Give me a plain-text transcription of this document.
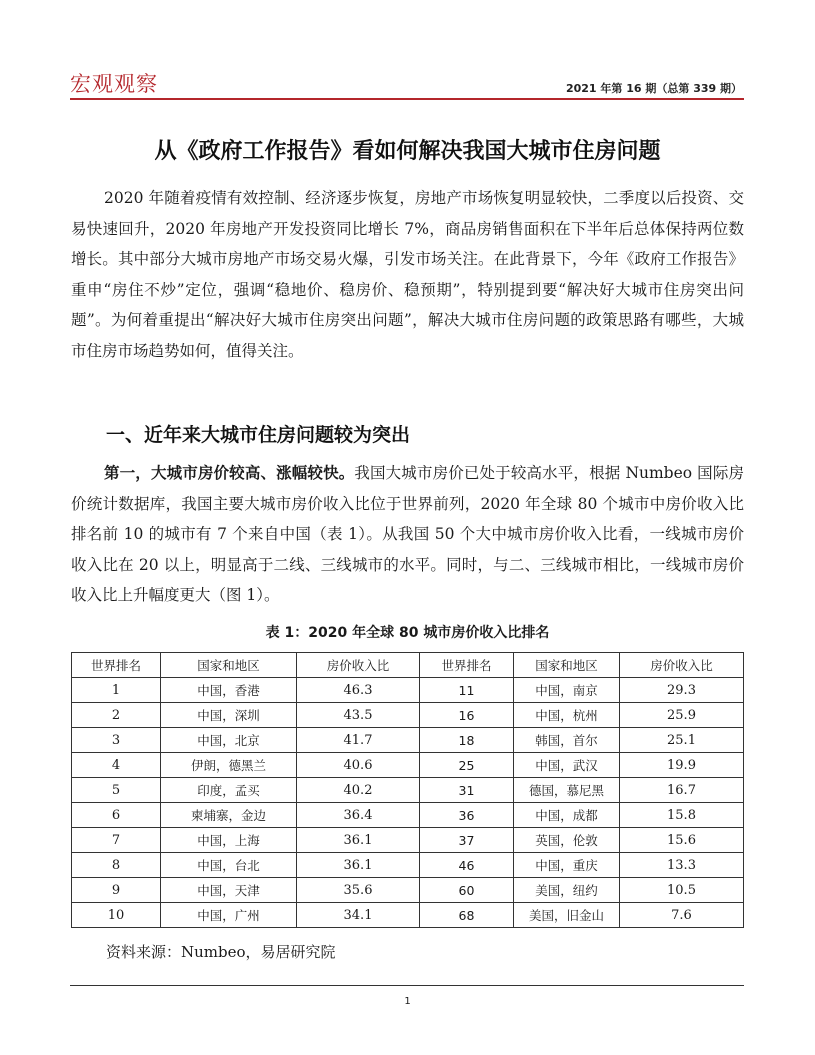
宏观观察	2021 年第 16 期（总第 339 期）
从《政府工作报告》看如何解决我国大城市住房问题

2020 年随着疫情有效控制、经济逐步恢复，房地产市场恢复明显较快，二季度以后投资、交易快速回升，2020 年房地产开发投资同比增长 7%，商品房销售面积在下半年后总体保持两位数增长。其中部分大城市房地产市场交易火爆，引发市场关注。在此背景下，今年《政府工作报告》重申“房住不炒”定位，强调“稳地价、稳房价、稳预期”，特别提到要“解决好大城市住房突出问题”。为何着重提出“解决好大城市住房突出问题”，解决大城市住房问题的政策思路有哪些，大城市住房市场趋势如何，值得关注。

一、近年来大城市住房问题较为突出

第一，大城市房价较高、涨幅较快。我国大城市房价已处于较高水平，根据 Numbeo 国际房价统计数据库，我国主要大城市房价收入比位于世界前列，2020 年全球 80 个城市中房价收入比排名前 10 的城市有 7 个来自中国（表 1）。从我国 50 个大中城市房价收入比看，一线城市房价收入比在 20 以上，明显高于二线、三线城市的水平。同时，与二、三线城市相比，一线城市房价收入比上升幅度更大（图 1）。

表 1：2020 年全球 80 城市房价收入比排名
世界排名	国家和地区	房价收入比	世界排名	国家和地区	房价收入比
1	中国，香港	46.3	11	中国，南京	29.3
2	中国，深圳	43.5	16	中国，杭州	25.9
3	中国，北京	41.7	18	韩国，首尔	25.1
4	伊朗，德黑兰	40.6	25	中国，武汉	19.9
5	印度，孟买	40.2	31	德国，慕尼黑	16.7
6	柬埔寨，金边	36.4	36	中国，成都	15.8
7	中国，上海	36.1	37	英国，伦敦	15.6
8	中国，台北	36.1	46	中国，重庆	13.3
9	中国，天津	35.6	60	美国，纽约	10.5
10	中国，广州	34.1	68	美国，旧金山	7.6
资料来源：Numbeo，易居研究院
1
